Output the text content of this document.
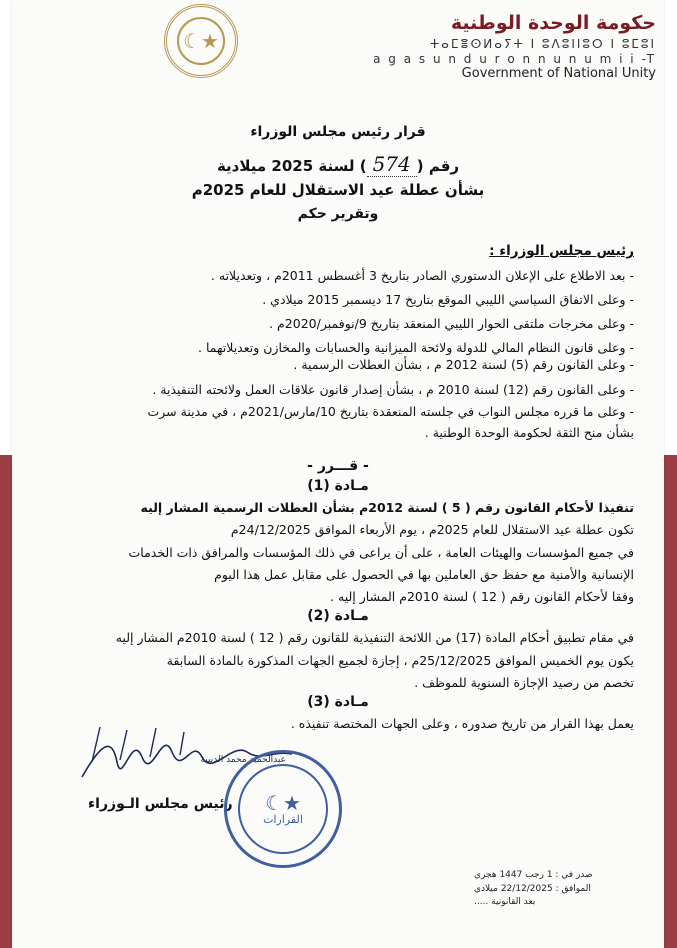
☾★
حكومة الوحدة الوطنية
ⵜⴰⵎⴻⵙⵍⴰⵢⵜ ⵏ ⵓⴷⵓⵏⵏⵓⵔ ⵏ ⵓⵎⵓⵏ
a g a s u n d u r o n n u n u m i i -T
Government of National Unity
قرار رئيس مجلس الوزراء
رقم (574) لسنة 2025 ميلادية
بشأن عطلة عيد الاستقلال للعام 2025م
وتقرير حكم
رئيس مجلس الوزراء :
- بعد الاطلاع على الإعلان الدستوري الصادر بتاريخ 3 أغسطس 2011م ، وتعديلاته .
- وعلى الاتفاق السياسي الليبي الموقع بتاريخ 17 ديسمبر 2015 ميلادي .
- وعلى مخرجات ملتقى الحوار الليبي المنعقد بتاريخ 9/نوفمبر/2020م .
- وعلى قانون النظام المالي للدولة ولائحة الميزانية والحسابات والمخازن وتعديلاتهما .
- وعلى القانون رقم (5) لسنة 2012 م ، بشأن العطلات الرسمية .
- وعلى القانون رقم (12) لسنة 2010 م ، بشأن إصدار قانون علاقات العمل ولائحته التنفيذية .
- وعلى ما قرره مجلس النواب في جلسته المنعقدة بتاريخ 10/مارس/2021م ، في مدينة سرت
بشأن منح الثقة لحكومة الوحدة الوطنية .
- قـــرر -
مـادة (1)
تنفيذا لأحكام القانون رقم ( 5 ) لسنة 2012م بشأن العطلات الرسمية المشار إليه
تكون عطلة عيد الاستقلال للعام 2025م ، يوم الأربعاء الموافق 24/12/2025م
في جميع المؤسسات والهيئات العامة ، على أن يراعى في ذلك المؤسسات والمرافق ذات الخدمات
الإنسانية والأمنية مع حفظ حق العاملين بها في الحصول على مقابل عمل هذا اليوم
وفقا لأحكام القانون رقم ( 12 ) لسنة 2010م المشار إليه .
مـادة (2)
في مقام تطبيق أحكام المادة (17) من اللائحة التنفيذية للقانون رقم ( 12 ) لسنة 2010م المشار إليه
يكون يوم الخميس الموافق 25/12/2025م ، إجازة لجميع الجهات المذكورة بالمادة السابقة
تخصم من رصيد الإجازة السنوية للموظف .
مـادة (3)
يعمل بهذا القرار من تاريخ صدوره ، وعلى الجهات المختصة تنفيذه .
عبدالحميد محمد الدبيبة
رئيس مجلس الـوزراء ☾★
القرارات
صدر في : 1 رجب 1447 هجري
الموافق : 22/12/2025 ميلادي
بعد القانونية .....
